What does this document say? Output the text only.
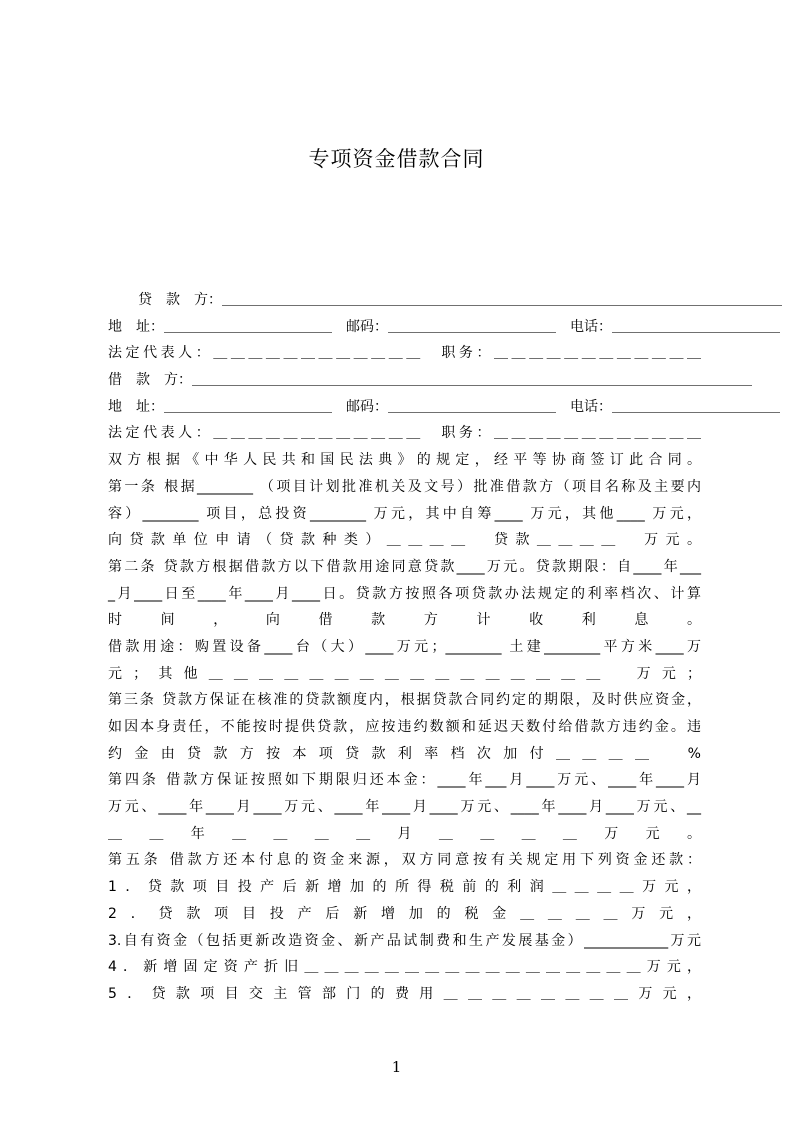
专项资金借款合同
贷　款　方：＿＿＿＿＿＿＿＿＿＿＿＿＿＿＿＿＿＿＿＿＿＿＿＿＿＿＿＿＿＿＿＿＿＿＿＿＿＿＿＿
地　址：＿＿＿＿＿＿＿＿＿＿＿＿　邮码：＿＿＿＿＿＿＿＿＿＿＿＿　电话：＿＿＿＿＿＿＿＿＿＿＿＿
法定代表人：＿＿＿＿＿＿＿＿＿＿＿＿　职务：＿＿＿＿＿＿＿＿＿＿＿＿
借　款　方：＿＿＿＿＿＿＿＿＿＿＿＿＿＿＿＿＿＿＿＿＿＿＿＿＿＿＿＿＿＿＿＿＿＿＿＿＿＿＿＿
地　址：＿＿＿＿＿＿＿＿＿＿＿＿　邮码：＿＿＿＿＿＿＿＿＿＿＿＿　电话：＿＿＿＿＿＿＿＿＿＿＿＿
法定代表人：＿＿＿＿＿＿＿＿＿＿＿＿　职务：＿＿＿＿＿＿＿＿＿＿＿＿
双方根据《中华人民共和国民法典》的规定，经平等协商签订此合同。
第一条 根据________ （项目计划批准机关及文号）批准借款方（项目名称及主要内
容）________ 项目，总投资________ 万元，其中自筹____ 万元，其他____ 万元，
向贷款单位申请（贷款种类）＿＿＿＿　贷款＿＿＿＿　万元。
第二条 贷款方根据借款方以下借款用途同意贷款____万元。贷款期限：自____年___
_月____日至____年____月____日。贷款方按照各项贷款办法规定的利率档次、计算
时间，向借款方计收利息。
借款用途：购置设备____台（大）____万元；________ 土建________平方米____万
元；其他＿＿＿＿＿＿＿＿＿＿＿＿＿＿＿＿　万元；
第三条 贷款方保证在核准的贷款额度内，根据贷款合同约定的期限，及时供应资金，
如因本身责任，不能按时提供贷款，应按违约数额和延迟天数付给借款方违约金。违
约金由贷款方按本项贷款利率档次加付＿＿＿＿　%
第四条 借款方保证按照如下期限归还本金：____年___月____万元、____年____月
万元、____年____月____万元、____年____月____万元、____年____月____万元、__
＿　＿　年　＿　＿　＿　＿　月　＿　＿　＿　＿　万　元　。
第五条 借款方还本付息的资金来源，双方同意按有关规定用下列资金还款：
1．贷款项目投产后新增加的所得税前的利润＿＿＿＿万元，
2．贷款项目投产后新增加的税金＿＿＿＿万元，
3.自有资金（包括更新改造资金、新产品试制费和生产发展基金）____________万元
4．新增固定资产折旧＿＿＿＿＿＿＿＿＿＿＿＿＿＿＿＿＿万元，
5．贷款项目交主管部门的费用＿＿＿＿＿＿＿＿万元，
1
